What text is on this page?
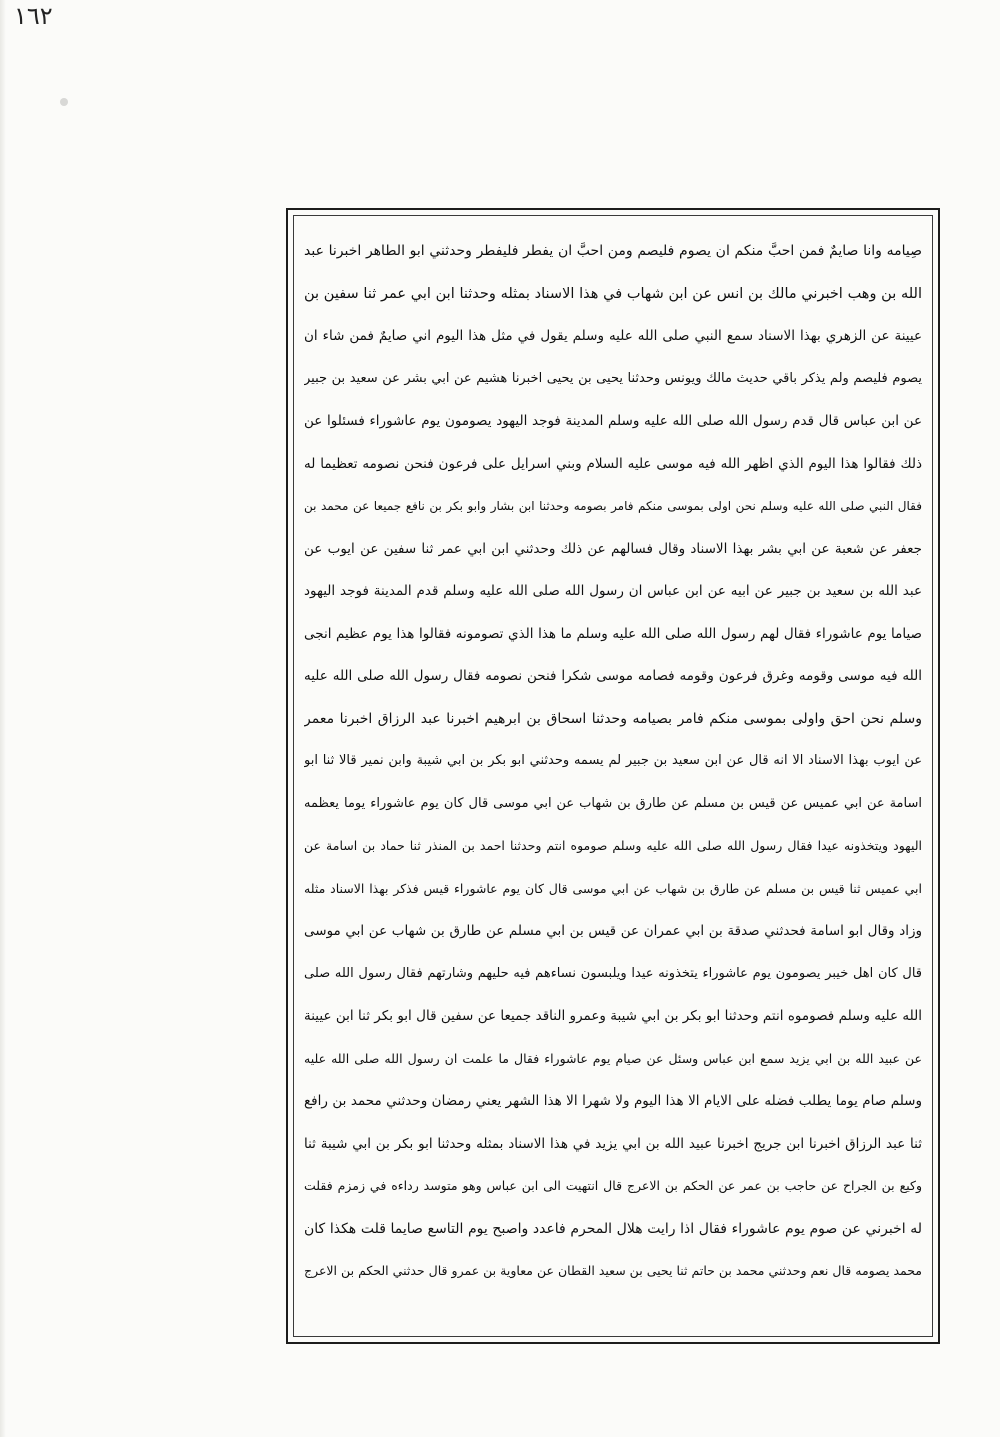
١٦٢
صِيامه وانا صايمٌ فمن احبَّ منكم ان يصوم فليصم ومن احبَّ ان يفطر فليفطر وحدثني ابو الطاهر اخبرنا عبد
الله بن وهب اخبرني مالك بن انس عن ابن شهاب في هذا الاسناد بمثله وحدثنا ابن ابي عمر ثنا سفين بن
عيينة عن الزهري بهذا الاسناد سمع النبي صلى الله عليه وسلم يقول في مثل هذا اليوم اني صايمٌ فمن شاء ان
يصوم فليصم ولم يذكر باقي حديث مالك ويونس وحدثنا يحيى بن يحيى اخبرنا هشيم عن ابي بشر عن سعيد بن جبير
عن ابن عباس قال قدم رسول الله صلى الله عليه وسلم المدينة فوجد اليهود يصومون يوم عاشوراء فسئلوا عن
ذلك فقالوا هذا اليوم الذي اظهر الله فيه موسى عليه السلام وبني اسرايل على فرعون فنحن نصومه تعظيما له
فقال النبي صلى الله عليه وسلم نحن اولى بموسى منكم فامر بصومه وحدثنا ابن بشار وابو بكر بن نافع جميعا عن محمد بن
جعفر عن شعبة عن ابي بشر بهذا الاسناد وقال فسالهم عن ذلك وحدثني ابن ابي عمر ثنا سفين عن ايوب عن
عبد الله بن سعيد بن جبير عن ابيه عن ابن عباس ان رسول الله صلى الله عليه وسلم قدم المدينة فوجد اليهود
صياما يوم عاشوراء فقال لهم رسول الله صلى الله عليه وسلم ما هذا الذي تصومونه فقالوا هذا يوم عظيم انجى
الله فيه موسى وقومه وغرق فرعون وقومه فصامه موسى شكرا فنحن نصومه فقال رسول الله صلى الله عليه
وسلم نحن احق واولى بموسى منكم فامر بصيامه وحدثنا اسحاق بن ابرهيم اخبرنا عبد الرزاق اخبرنا معمر
عن ايوب بهذا الاسناد الا انه قال عن ابن سعيد بن جبير لم يسمه وحدثني ابو بكر بن ابي شيبة وابن نمير قالا ثنا ابو
اسامة عن ابي عميس عن قيس بن مسلم عن طارق بن شهاب عن ابي موسى قال كان يوم عاشوراء يوما يعظمه
اليهود ويتخذونه عيدا فقال رسول الله صلى الله عليه وسلم صوموه انتم وحدثنا احمد بن المنذر ثنا حماد بن اسامة عن
ابي عميس ثنا قيس بن مسلم عن طارق بن شهاب عن ابي موسى قال كان يوم عاشوراء قيس فذكر بهذا الاسناد مثله
وزاد وقال ابو اسامة فحدثني صدقة بن ابي عمران عن قيس بن ابي مسلم عن طارق بن شهاب عن ابي موسى
قال كان اهل خيبر يصومون يوم عاشوراء يتخذونه عيدا ويلبسون نساءهم فيه حليهم وشارتهم فقال رسول الله صلى
الله عليه وسلم فصوموه انتم وحدثنا ابو بكر بن ابي شيبة وعمرو الناقد جميعا عن سفين قال ابو بكر ثنا ابن عيينة
عن عبيد الله بن ابي يزيد سمع ابن عباس وسئل عن صيام يوم عاشوراء فقال ما علمت ان رسول الله صلى الله عليه
وسلم صام يوما يطلب فضله على الايام الا هذا اليوم ولا شهرا الا هذا الشهر يعني رمضان وحدثني محمد بن رافع
ثنا عبد الرزاق اخبرنا ابن جريج اخبرنا عبيد الله بن ابي يزيد في هذا الاسناد بمثله وحدثنا ابو بكر بن ابي شيبة ثنا
وكيع بن الجراح عن حاجب بن عمر عن الحكم بن الاعرج قال انتهيت الى ابن عباس وهو متوسد رداءه في زمزم فقلت
له اخبرني عن صوم يوم عاشوراء فقال اذا رايت هلال المحرم فاعدد واصبح يوم التاسع صايما قلت هكذا كان
محمد يصومه قال نعم وحدثني محمد بن حاتم ثنا يحيى بن سعيد القطان عن معاوية بن عمرو قال حدثني الحكم بن الاعرج
